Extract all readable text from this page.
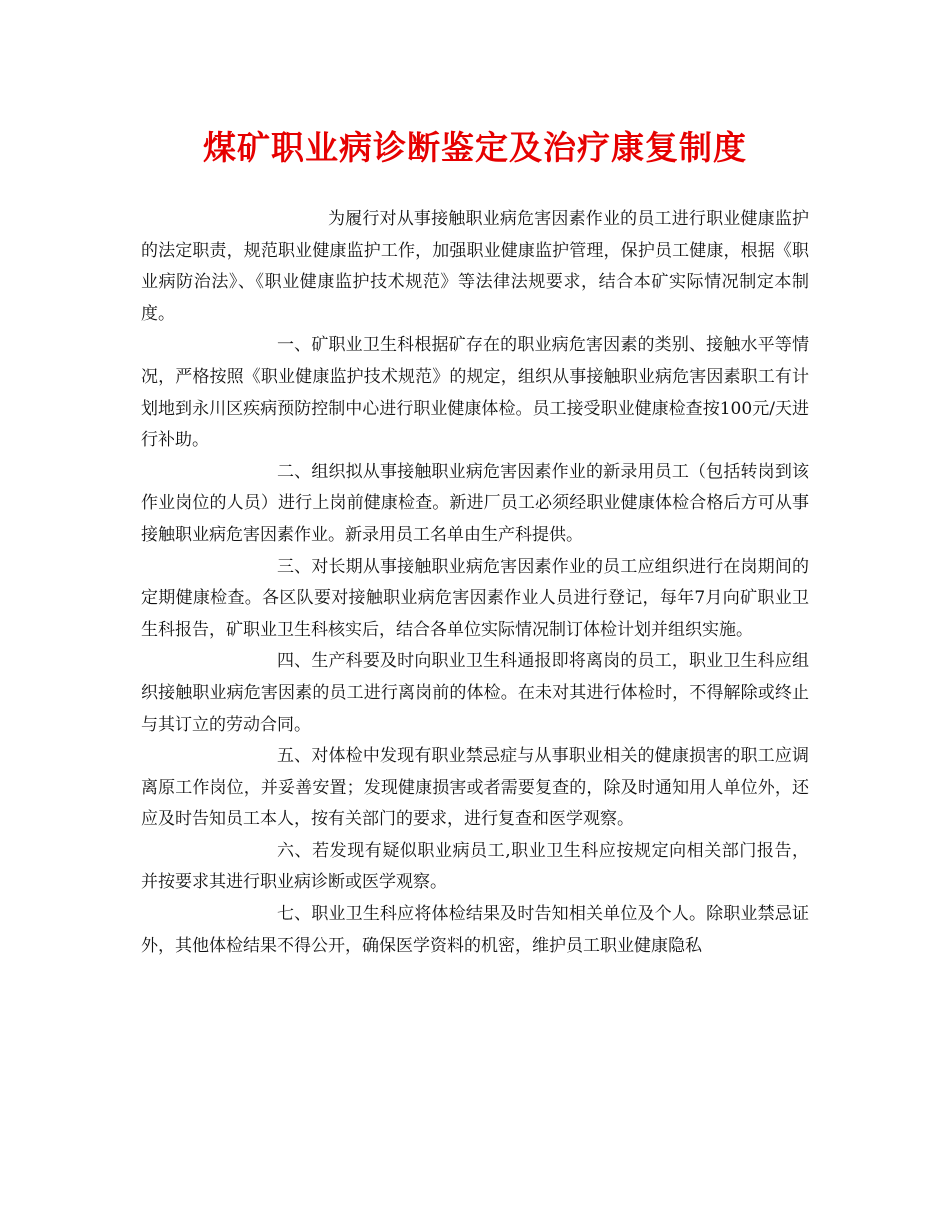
煤矿职业病诊断鉴定及治疗康复制度

为履行对从事接触职业病危害因素作业的员工进行职业健康监护的法定职责，规范职业健康监护工作，加强职业健康监护管理，保护员工健康，根据《职业病防治法》、《职业健康监护技术规范》等法律法规要求，结合本矿实际情况制定本制度。

一、矿职业卫生科根据矿存在的职业病危害因素的类别、接触水平等情况，严格按照《职业健康监护技术规范》的规定，组织从事接触职业病危害因素职工有计划地到永川区疾病预防控制中心进行职业健康体检。员工接受职业健康检查按100元/天进行补助。

二、组织拟从事接触职业病危害因素作业的新录用员工（包括转岗到该作业岗位的人员）进行上岗前健康检查。新进厂员工必须经职业健康体检合格后方可从事接触职业病危害因素作业。新录用员工名单由生产科提供。

三、对长期从事接触职业病危害因素作业的员工应组织进行在岗期间的定期健康检查。各区队要对接触职业病危害因素作业人员进行登记，每年7月向矿职业卫生科报告，矿职业卫生科核实后，结合各单位实际情况制订体检计划并组织实施。

四、生产科要及时向职业卫生科通报即将离岗的员工，职业卫生科应组织接触职业病危害因素的员工进行离岗前的体检。在未对其进行体检时，不得解除或终止与其订立的劳动合同。

五、对体检中发现有职业禁忌症与从事职业相关的健康损害的职工应调离原工作岗位，并妥善安置；发现健康损害或者需要复查的，除及时通知用人单位外，还应及时告知员工本人，按有关部门的要求，进行复查和医学观察。

六、若发现有疑似职业病员工,职业卫生科应按规定向相关部门报告，并按要求其进行职业病诊断或医学观察。

七、职业卫生科应将体检结果及时告知相关单位及个人。除职业禁忌证外，其他体检结果不得公开，确保医学资料的机密，维护员工职业健康隐私
